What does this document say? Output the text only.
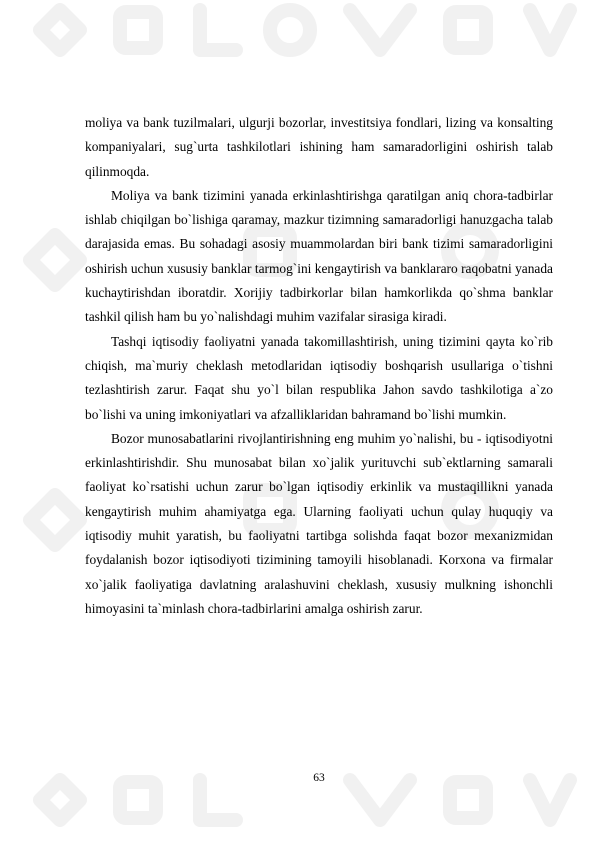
moliya va bank tuzilmalari, ulgurji bozorlar, investitsiya fondlari, lizing va konsalting kompaniyalari, sug`urta tashkilotlari ishining ham samaradorligini oshirish talab qilinmoqda.

Moliya va bank tizimini yanada erkinlashtirishga qaratilgan aniq chora-tadbirlar ishlab chiqilgan bo`lishiga qaramay, mazkur tizimning samaradorligi hanuzgacha talab darajasida emas. Bu sohadagi asosiy muammolardan biri bank tizimi samaradorligini oshirish uchun xususiy banklar tarmog`ini kengaytirish va banklararo raqobatni yanada kuchaytirishdan iboratdir. Xorijiy tadbirkorlar bilan hamkorlikda qo`shma banklar tashkil qilish ham bu yo`nalishdagi muhim vazifalar sirasiga kiradi.

Tashqi iqtisodiy faoliyatni yanada takomillashtirish, uning tizimini qayta ko`rib chiqish, ma`muriy cheklash metodlaridan iqtisodiy boshqarish usullariga o`tishni tezlashtirish zarur. Faqat shu yo`l bilan respublika Jahon savdo tashkilotiga a`zo bo`lishi va uning imkoniyatlari va afzalliklaridan bahramand bo`lishi mumkin.

Bozor munosabatlarini rivojlantirishning eng muhim yo`nalishi, bu - iqtisodiyotni erkinlashtirishdir. Shu munosabat bilan xo`jalik yurituvchi sub`ektlarning samarali faoliyat ko`rsatishi uchun zarur bo`lgan iqtisodiy erkinlik va mustaqillikni yanada kengaytirish muhim ahamiyatga ega. Ularning faoliyati uchun qulay huquqiy va iqtisodiy muhit yaratish, bu faoliyatni tartibga solishda faqat bozor mexanizmidan foydalanish bozor iqtisodiyoti tizimining tamoyili hisoblanadi. Korxona va firmalar xo`jalik faoliyatiga davlatning aralashuvini cheklash, xususiy mulkning ishonchli himoyasini ta`minlash chora-tadbirlarini amalga oshirish zarur.

63
